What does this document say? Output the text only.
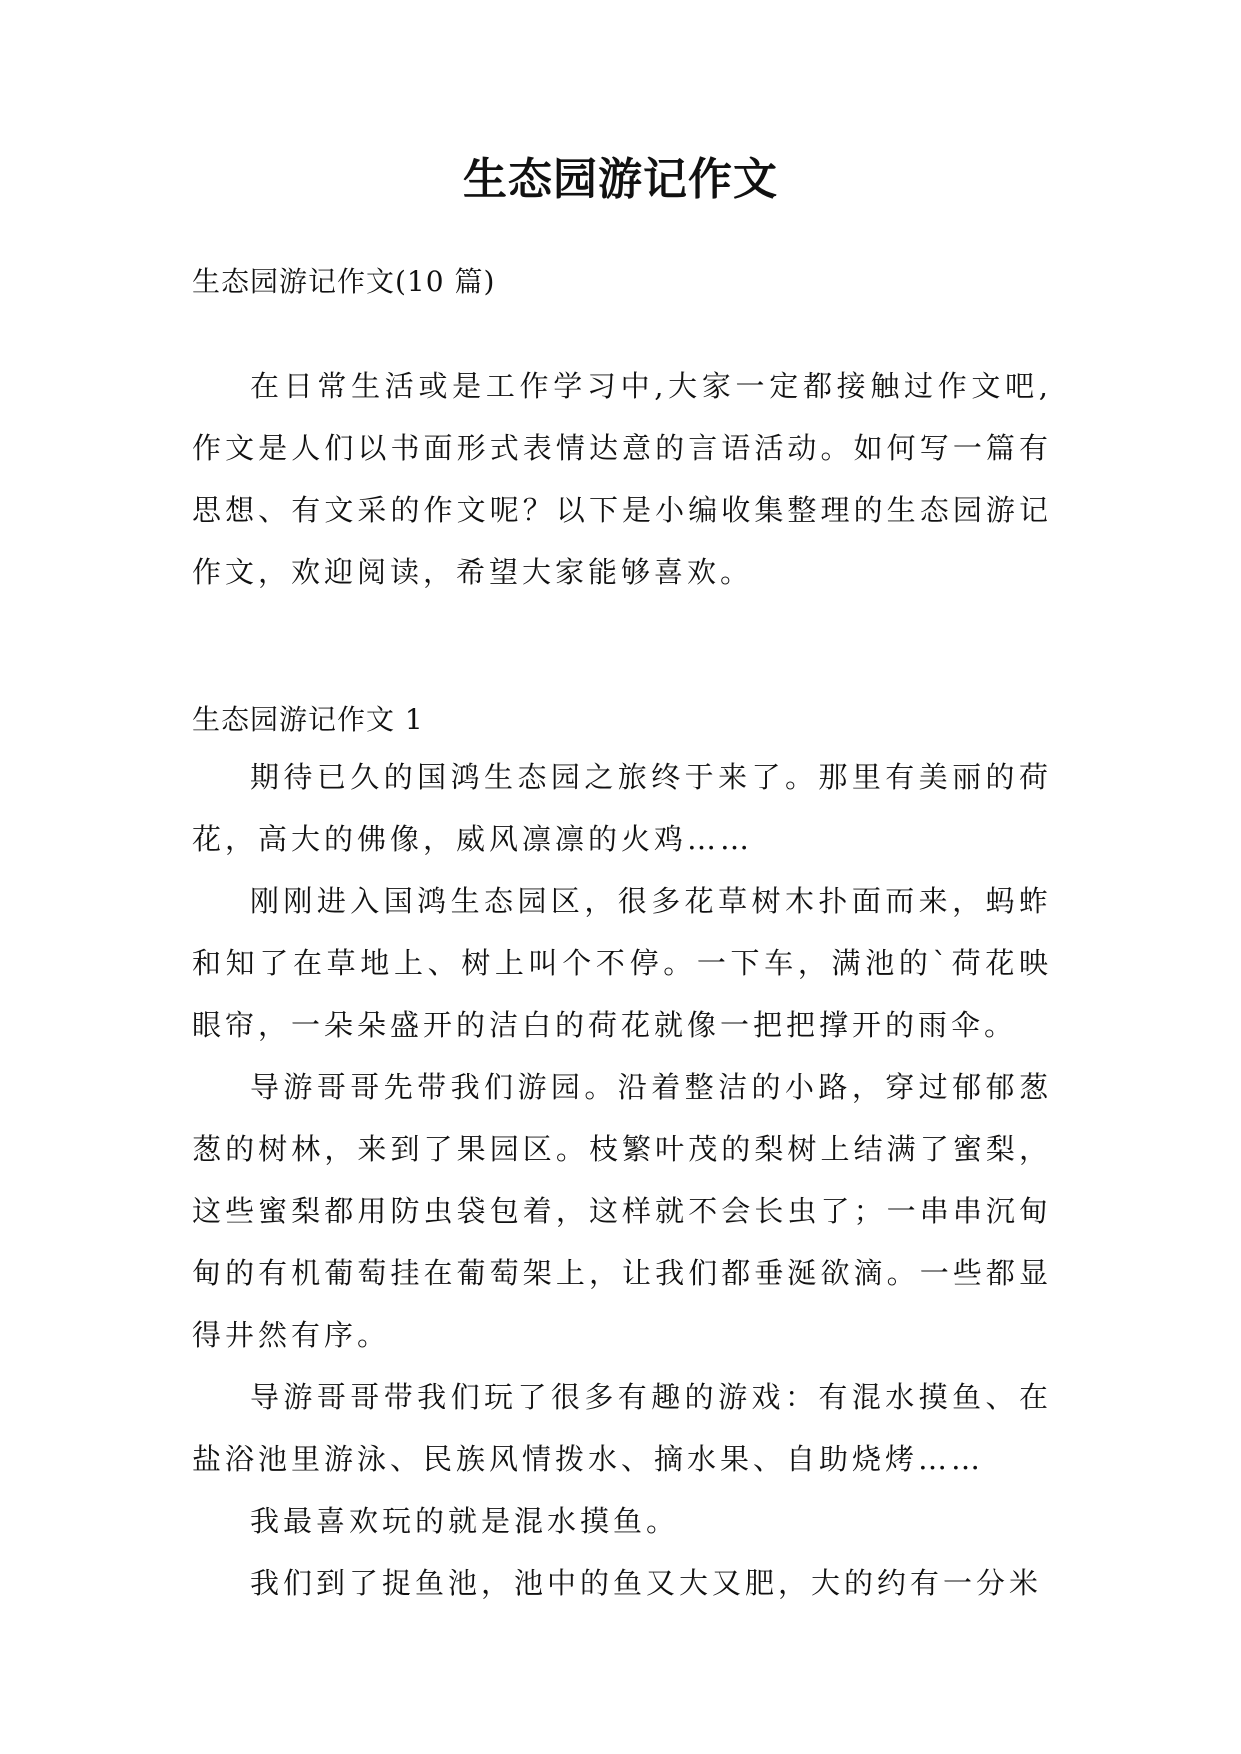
生态园游记作文
生态园游记作文(10 篇)

在日常生活或是工作学习中,大家一定都接触过作文吧,作文是人们以书面形式表情达意的言语活动。如何写一篇有思想、有文采的作文呢？以下是小编收集整理的生态园游记作文，欢迎阅读，希望大家能够喜欢。

生态园游记作文 1

期待已久的国鸿生态园之旅终于来了。那里有美丽的荷花，高大的佛像，威风凛凛的火鸡……

刚刚进入国鸿生态园区，很多花草树木扑面而来，蚂蚱和知了在草地上、树上叫个不停。一下车，满池的`荷花映眼帘，一朵朵盛开的洁白的荷花就像一把把撑开的雨伞。

导游哥哥先带我们游园。沿着整洁的小路，穿过郁郁葱葱的树林，来到了果园区。枝繁叶茂的梨树上结满了蜜梨，这些蜜梨都用防虫袋包着，这样就不会长虫了；一串串沉甸甸的有机葡萄挂在葡萄架上，让我们都垂涎欲滴。一些都显得井然有序。

导游哥哥带我们玩了很多有趣的游戏：有混水摸鱼、在盐浴池里游泳、民族风情拨水、摘水果、自助烧烤……

我最喜欢玩的就是混水摸鱼。

我们到了捉鱼池，池中的鱼又大又肥，大的约有一分米
